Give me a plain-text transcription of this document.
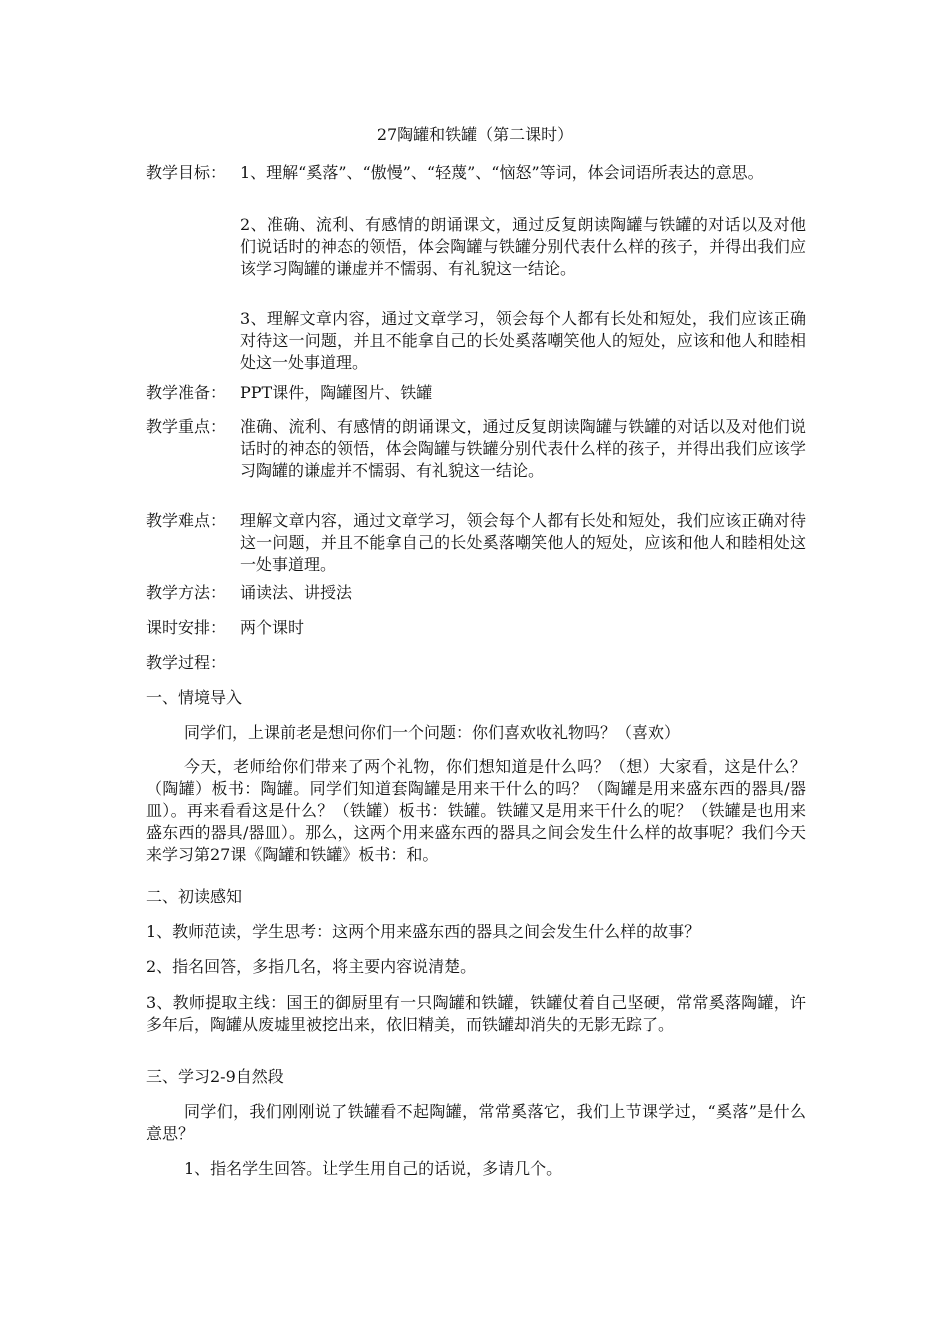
27陶罐和铁罐（第二课时）
教学目标： 1、理解“奚落”、“傲慢”、“轻蔑”、“恼怒”等词，体会词语所表达的意思。
2、准确、流利、有感情的朗诵课文，通过反复朗读陶罐与铁罐的对话以及对他们说话时的神态的领悟，体会陶罐与铁罐分别代表什么样的孩子，并得出我们应该学习陶罐的谦虚并不懦弱、有礼貌这一结论。
3、理解文章内容，通过文章学习，领会每个人都有长处和短处，我们应该正确对待这一问题，并且不能拿自己的长处奚落嘲笑他人的短处，应该和他人和睦相处这一处事道理。
教学准备： PPT课件，陶罐图片、铁罐
教学重点： 准确、流利、有感情的朗诵课文，通过反复朗读陶罐与铁罐的对话以及对他们说话时的神态的领悟，体会陶罐与铁罐分别代表什么样的孩子，并得出我们应该学习陶罐的谦虚并不懦弱、有礼貌这一结论。
教学难点： 理解文章内容，通过文章学习，领会每个人都有长处和短处，我们应该正确对待这一问题，并且不能拿自己的长处奚落嘲笑他人的短处，应该和他人和睦相处这一处事道理。
教学方法： 诵读法、讲授法
课时安排： 两个课时
教学过程：
一、情境导入
同学们，上课前老是想问你们一个问题：你们喜欢收礼物吗？（喜欢）
今天，老师给你们带来了两个礼物，你们想知道是什么吗？（想）大家看，这是什么？（陶罐）板书：陶罐。同学们知道套陶罐是用来干什么的吗？（陶罐是用来盛东西的器具/器皿）。再来看看这是什么？（铁罐）板书：铁罐。铁罐又是用来干什么的呢？（铁罐是也用来盛东西的器具/器皿）。那么，这两个用来盛东西的器具之间会发生什么样的故事呢？我们今天来学习第27课《陶罐和铁罐》板书：和。
二、初读感知
1、教师范读，学生思考：这两个用来盛东西的器具之间会发生什么样的故事？
2、指名回答，多指几名，将主要内容说清楚。
3、教师提取主线：国王的御厨里有一只陶罐和铁罐，铁罐仗着自己坚硬，常常奚落陶罐，许多年后，陶罐从废墟里被挖出来，依旧精美，而铁罐却消失的无影无踪了。
三、学习2-9自然段
同学们，我们刚刚说了铁罐看不起陶罐，常常奚落它，我们上节课学过，“奚落”是什么意思？
1、指名学生回答。让学生用自己的话说，多请几个。
